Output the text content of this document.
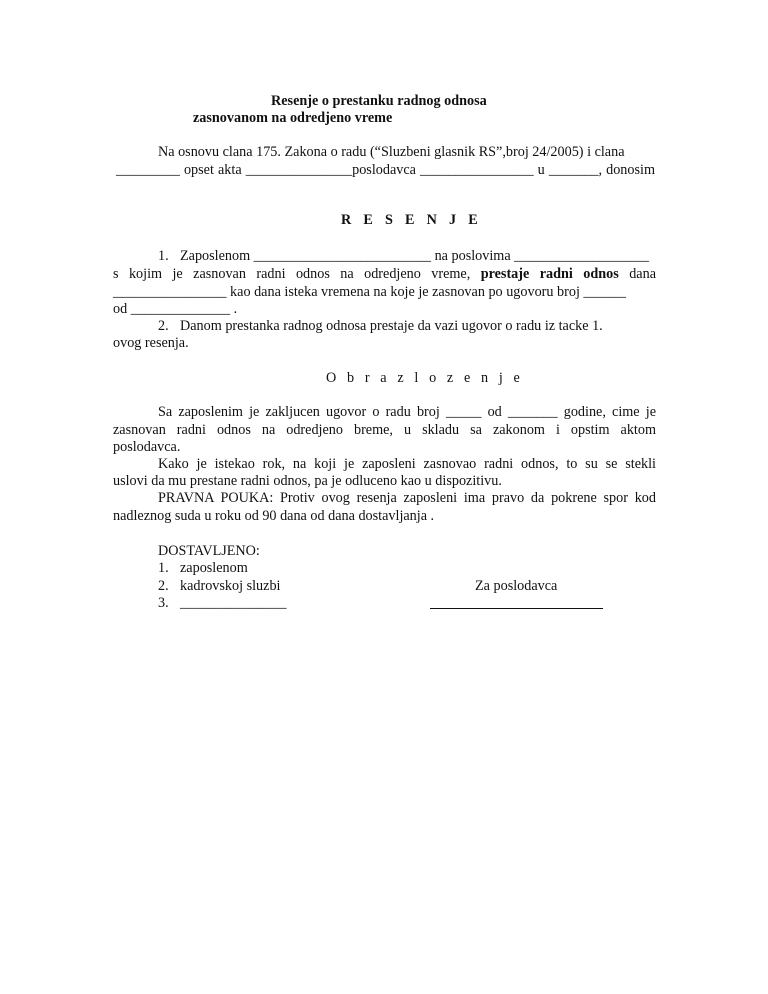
Resenje o prestanku radnog odnosa
zasnovanom na odredjeno vreme
Na osnovu clana 175. Zakona o radu (“Sluzbeni glasnik RS”,broj 24/2005) i clana
_________ opset akta _______________poslodavca ________________ u _______, donosim
R E S E N J E
1. Zaposlenom _________________________ na poslovima ___________________
s kojim je zasnovan radni odnos na odredjeno vreme, prestaje radni odnos dana
________________ kao dana isteka vremena na koje je zasnovan po ugovoru broj ______
od ______________ .
2. Danom prestanka radnog odnosa prestaje da vazi ugovor o radu iz tacke 1.
ovog resenja.
O b r a z l o z e n j e
Sa zaposlenim je zakljucen ugovor o radu broj _____ od _______ godine, cime je
zasnovan radni odnos na odredjeno breme, u skladu sa zakonom i opstim aktom
poslodavca.
Kako je istekao rok, na koji je zaposleni zasnovao radni odnos, to su se stekli
uslovi da mu prestane radni odnos, pa je odluceno kao u dispozitivu.
PRAVNA POUKA: Protiv ovog resenja zaposleni ima pravo da pokrene spor kod
nadleznog suda u roku od 90 dana od dana dostavljanja .
DOSTAVLJENO:
1. zaposlenom
2. kadrovskoj sluzbi
3. _______________
Za poslodavca
